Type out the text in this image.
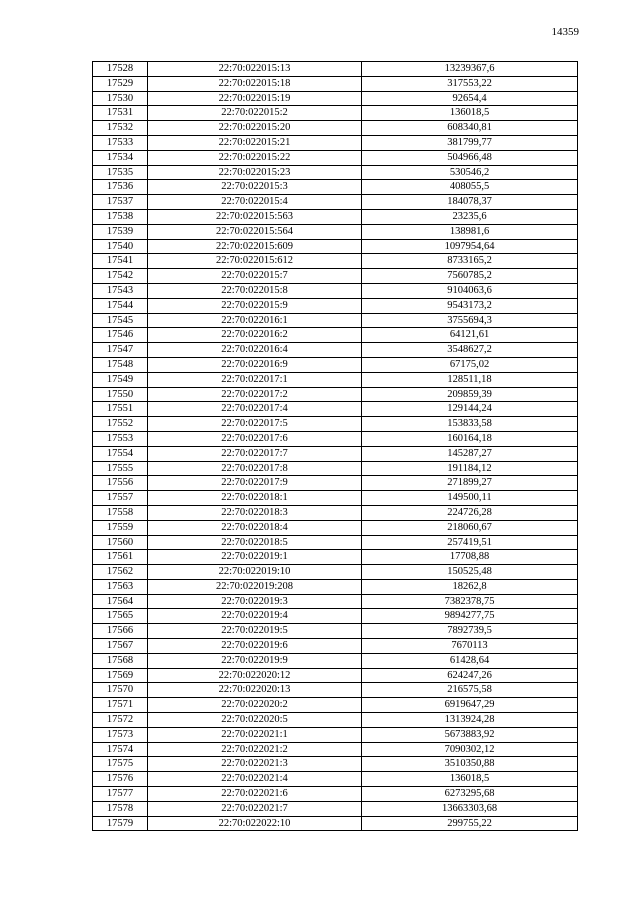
14359
17528	22:70:022015:13	13239367,6
17529	22:70:022015:18	317553,22
17530	22:70:022015:19	92654,4
17531	22:70:022015:2	136018,5
17532	22:70:022015:20	608340,81
17533	22:70:022015:21	381799,77
17534	22:70:022015:22	504966,48
17535	22:70:022015:23	530546,2
17536	22:70:022015:3	408055,5
17537	22:70:022015:4	184078,37
17538	22:70:022015:563	23235,6
17539	22:70:022015:564	138981,6
17540	22:70:022015:609	1097954,64
17541	22:70:022015:612	8733165,2
17542	22:70:022015:7	7560785,2
17543	22:70:022015:8	9104063,6
17544	22:70:022015:9	9543173,2
17545	22:70:022016:1	3755694,3
17546	22:70:022016:2	64121,61
17547	22:70:022016:4	3548627,2
17548	22:70:022016:9	67175,02
17549	22:70:022017:1	128511,18
17550	22:70:022017:2	209859,39
17551	22:70:022017:4	129144,24
17552	22:70:022017:5	153833,58
17553	22:70:022017:6	160164,18
17554	22:70:022017:7	145287,27
17555	22:70:022017:8	191184,12
17556	22:70:022017:9	271899,27
17557	22:70:022018:1	149500,11
17558	22:70:022018:3	224726,28
17559	22:70:022018:4	218060,67
17560	22:70:022018:5	257419,51
17561	22:70:022019:1	17708,88
17562	22:70:022019:10	150525,48
17563	22:70:022019:208	18262,8
17564	22:70:022019:3	7382378,75
17565	22:70:022019:4	9894277,75
17566	22:70:022019:5	7892739,5
17567	22:70:022019:6	7670113
17568	22:70:022019:9	61428,64
17569	22:70:022020:12	624247,26
17570	22:70:022020:13	216575,58
17571	22:70:022020:2	6919647,29
17572	22:70:022020:5	1313924,28
17573	22:70:022021:1	5673883,92
17574	22:70:022021:2	7090302,12
17575	22:70:022021:3	3510350,88
17576	22:70:022021:4	136018,5
17577	22:70:022021:6	6273295,68
17578	22:70:022021:7	13663303,68
17579	22:70:022022:10	299755,22
